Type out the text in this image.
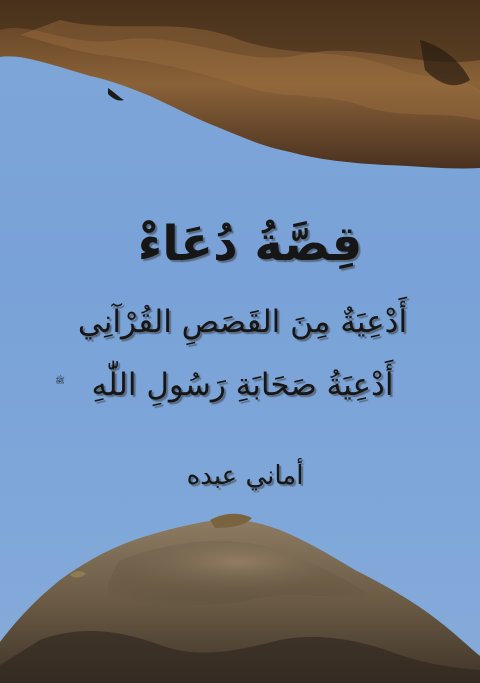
قِصَّةُ دُعَاءْ
أَدْعِيَةٌ مِنَ القَصَصِ القُرْآنِي
أَدْعِيَةُ صَحَابَةِ رَسُولِ اللّٰهِ
ﷺ
أماني عبده
